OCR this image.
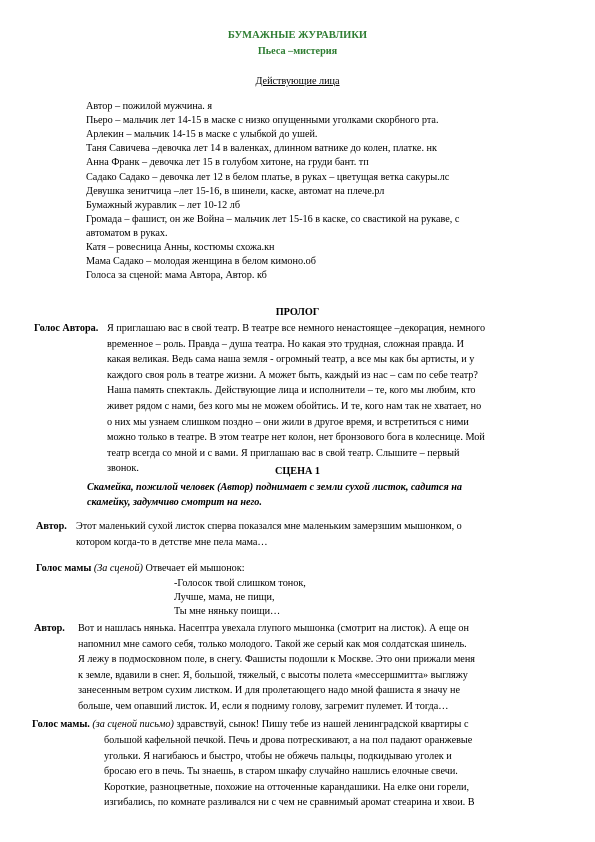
БУМАЖНЫЕ ЖУРАВЛИКИ
Пьеса –мистерия
Действующие лица
Автор – пожилой мужчина. я
Пьеро – мальчик лет 14-15 в маске с низко опущенными уголками скорбного рта.
Арлекин – мальчик 14-15 в маске с улыбкой до ушей.
Таня Савичева –девочка лет 14 в валенках, длинном ватнике до колен, платке. нк
Анна Франк – девочка лет 15 в голубом хитоне, на груди бант. тп
Садако Садако – девочка лет 12 в белом платье, в руках – цветущая ветка сакуры.лс
Девушка зенитчица –лет 15-16, в шинели, каске, автомат на плече.рл
Бумажный журавлик – лет 10-12 лб
Громада – фашист, он же Война – мальчик лет 15-16 в каске, со свастикой на рукаве, с
автоматом в руках.
Катя – ровесница Анны, костюмы схожа.кн
Мама Садако – молодая женщина в белом кимоно.об
Голоса за сценой: мама Автора, Автор. кб
ПРОЛОГ
Голос Автора. Я приглашаю вас в свой театр. В театре все немного ненастоящее –декорация, немного
временное – роль. Правда – душа театра. Но какая это трудная, сложная правда. И
какая великая. Ведь сама наша земля - огромный театр, а все мы как бы артисты, и у
каждого своя роль в театре жизни. А может быть, каждый из нас – сам по себе театр?
Наша память спектакль. Действующие лица и исполнители – те, кого мы любим, кто
живет рядом с нами, без кого мы не можем обойтись. И те, кого нам так не хватает, но
о них мы узнаем слишком поздно – они жили в другое время, и встретиться с ними
можно только в театре. В этом театре нет колон, нет бронзового бога в колеснице. Мой
театр всегда со мной и с вами. Я приглашаю вас в свой театр. Слышите – первый
звонок.	СЦЕНА 1
Скамейка, пожилой человек (Автор) поднимает с земли сухой листок, садится на
скамейку, задумчиво смотрит на него.
Автор. Этот маленький сухой листок сперва показался мне маленьким замерзшим мышонком, о
котором когда-то в детстве мне пела мама…
Голос мамы (За сценой) Отвечает ей мышонок:
-Голосок твой слишком тонок,
Лучше, мама, не пищи,
Ты мне няньку поищи…
Автор. Вот и нашлась нянька. Насептра увехала глупого мышонка (смотрит на листок). А еще он
напомнил мне самого себя, только молодого. Такой же серый как моя солдатская шинель.
Я лежу в подмосковном поле, в снегу. Фашисты подошли к Москве. Это они прижали меня
к земле, вдавили в снег. Я, большой, тяжелый, с высоты полета «мессершмитта» выгляжу
занесенным ветром сухим листком. И для пролетающего надо мной фашиста я значу не
больше, чем опавший листок. И, если я подниму голову, загремит пулемет. И тогда…
Голос мамы. (за сценой письмо) здравствуй, сынок! Пишу тебе из нашей ленинградской квартиры с
большой кафельной печкой. Печь и дрова потрескивают, а на пол падают оранжевые
угольки. Я нагибаюсь и быстро, чтобы не обжечь пальцы, подкидываю уголек и
бросаю его в печь. Ты знаешь, в старом шкафу случайно нашлись елочные свечи.
Короткие, разноцветные, похожие на отточенные карандашики. На елке они горели,
изгибались, по комнате разливался ни с чем не сравнимый аромат стеарина и хвои. В
